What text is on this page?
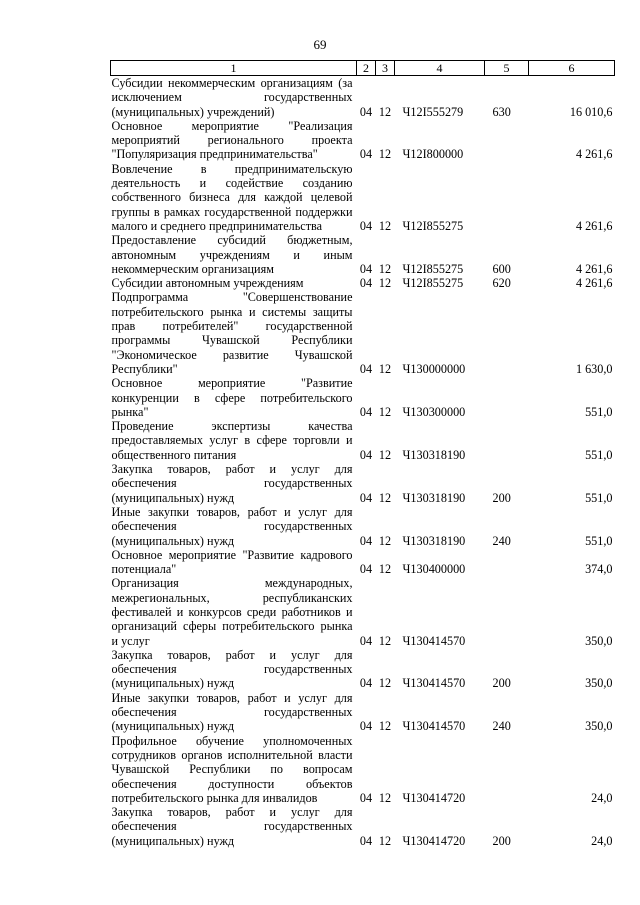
69
1	2	3	4	5	6
Субсидии некоммерческим организациям (за исключением государственных (муниципальных) учреждений)	04	12	Ч12I555279	630	16 010,6
Основное мероприятие "Реализация мероприятий регионального проекта "Популяризация предпринимательства"	04	12	Ч12I800000		4 261,6
Вовлечение в предпринимательскую деятельность и содействие созданию собственного бизнеса для каждой целевой группы в рамках государственной поддержки малого и среднего предпринимательства	04	12	Ч12I855275		4 261,6
Предоставление субсидий бюджетным, автономным учреждениям и иным некоммерческим организациям	04	12	Ч12I855275	600	4 261,6
Субсидии автономным учреждениям	04	12	Ч12I855275	620	4 261,6
Подпрограмма "Совершенствование потребительского рынка и системы защиты прав потребителей" государственной программы Чувашской Республики "Экономическое развитие Чувашской Республики"	04	12	Ч130000000		1 630,0
Основное мероприятие "Развитие конкуренции в сфере потребительского рынка"	04	12	Ч130300000		551,0
Проведение экспертизы качества предоставляемых услуг в сфере торговли и общественного питания	04	12	Ч130318190		551,0
Закупка товаров, работ и услуг для обеспечения государственных (муниципальных) нужд	04	12	Ч130318190	200	551,0
Иные закупки товаров, работ и услуг для обеспечения государственных (муниципальных) нужд	04	12	Ч130318190	240	551,0
Основное мероприятие "Развитие кадрового потенциала"	04	12	Ч130400000		374,0
Организация международных, межрегиональных, республиканских фестивалей и конкурсов среди работников и организаций сферы потребительского рынка и услуг	04	12	Ч130414570		350,0
Закупка товаров, работ и услуг для обеспечения государственных (муниципальных) нужд	04	12	Ч130414570	200	350,0
Иные закупки товаров, работ и услуг для обеспечения государственных (муниципальных) нужд	04	12	Ч130414570	240	350,0
Профильное обучение уполномоченных сотрудников органов исполнительной власти Чувашской Республики по вопросам обеспечения доступности объектов потребительского рынка для инвалидов	04	12	Ч130414720		24,0
Закупка товаров, работ и услуг для обеспечения государственных (муниципальных) нужд	04	12	Ч130414720	200	24,0
